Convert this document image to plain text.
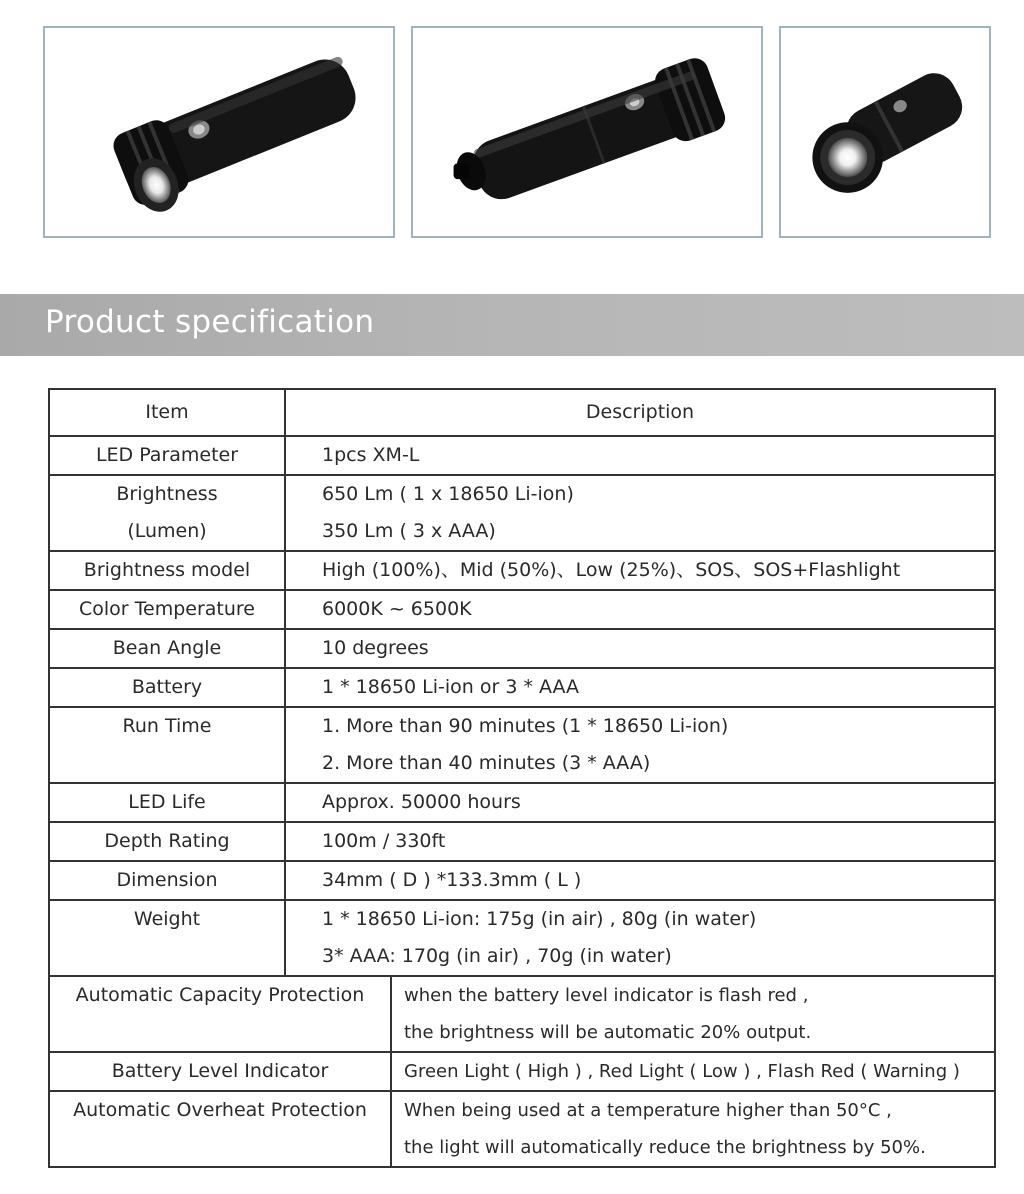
Product specification
Item	Description	

LED Parameter	1pcs XM-L	

Brightness
(Lumen)	650 Lm ( 1 x 18650 Li-ion)
350 Lm ( 3 x AAA)	

Brightness model	High (100%)、Mid (50%)、Low (25%)、SOS、SOS+Flashlight	

Color Temperature	6000K ~ 6500K	

Bean Angle	10 degrees	

Battery	1 * 18650 Li-ion or 3 * AAA	

Run Time	1. More than 90 minutes (1 * 18650 Li-ion)
2. More than 40 minutes (3 * AAA)	

LED Life	Approx. 50000 hours	

Depth Rating	100m / 330ft	

Dimension	34mm ( D ) *133.3mm ( L )	

Weight	1 * 18650 Li-ion: 175g (in air) , 80g (in water)
3* AAA: 170g (in air) , 70g (in water)	

Automatic Capacity Protection		when the battery level indicator is flash red ,
the brightness will be automatic 20% output.

Battery Level Indicator		Green Light ( High ) , Red Light ( Low ) , Flash Red ( Warning )

Automatic Overheat Protection		When being used at a temperature higher than 50°C ,
the light will automatically reduce the brightness by 50%.
